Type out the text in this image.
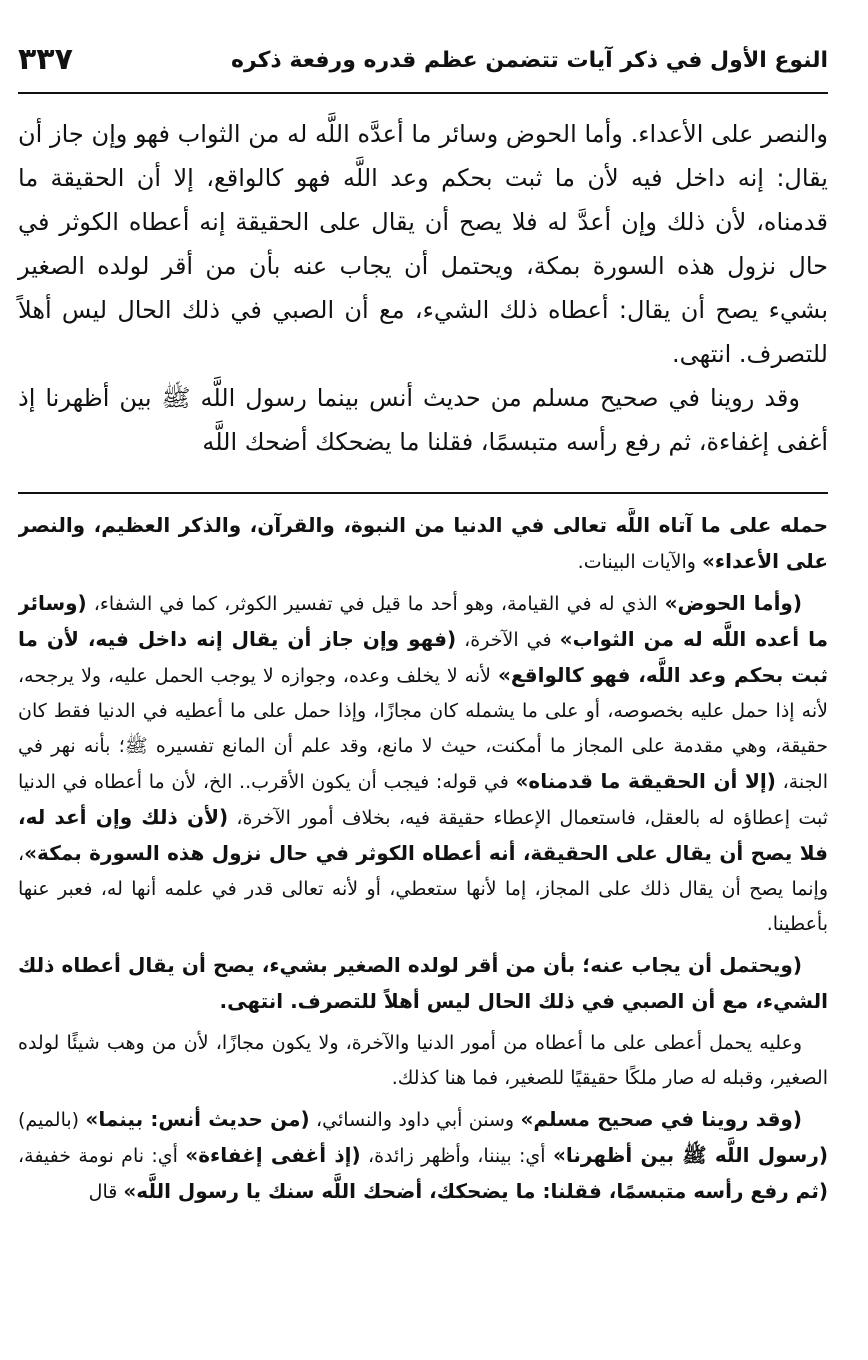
٣٣٧	النوع الأول في ذكر آيات تتضمن عظم قدره ورفعة ذكره

والنصر على الأعداء. وأما الحوض وسائر ما أعدَّه اللَّه له من الثواب فهو وإن جاز أن يقال: إنه داخل فيه لأن ما ثبت بحكم وعد اللَّه فهو كالواقع، إلا أن الحقيقة ما قدمناه، لأن ذلك وإن أعدَّ له فلا يصح أن يقال على الحقيقة إنه أعطاه الكوثر في حال نزول هذه السورة بمكة، ويحتمل أن يجاب عنه بأن من أقر لولده الصغير بشيء يصح أن يقال: أعطاه ذلك الشيء، مع أن الصبي في ذلك الحال ليس أهلاً للتصرف. انتهى.

وقد روينا في صحيح مسلم من حديث أنس بينما رسول اللَّه ﷺ بين أظهرنا إذ أغفى إغفاءة، ثم رفع رأسه متبسمًا، فقلنا ما يضحكك أضحك اللَّه

حمله على ما آتاه اللَّه تعالى في الدنيا من النبوة، والقرآن، والذكر العظيم، والنصر على الأعداء» والآيات البينات.

(وأما الحوض» الذي له في القيامة، وهو أحد ما قيل في تفسير الكوثر، كما في الشفاء، (وسائر ما أعده اللَّه له من الثواب» في الآخرة، (فهو وإن جاز أن يقال إنه داخل فيه، لأن ما ثبت بحكم وعد اللَّه، فهو كالواقع» لأنه لا يخلف وعده، وجوازه لا يوجب الحمل عليه، ولا يرجحه، لأنه إذا حمل عليه بخصوصه، أو على ما يشمله كان مجازًا، وإذا حمل على ما أعطيه في الدنيا فقط كان حقيقة، وهي مقدمة على المجاز ما أمكنت، حيث لا مانع، وقد علم أن المانع تفسيره ﷺ؛ بأنه نهر في الجنة، (إلا أن الحقيقة ما قدمناه» في قوله: فيجب أن يكون الأقرب.. الخ، لأن ما أعطاه في الدنيا ثبت إعطاؤه له بالعقل، فاستعمال الإعطاء حقيقة فيه، بخلاف أمور الآخرة، (لأن ذلك وإن أعد له، فلا يصح أن يقال على الحقيقة، أنه أعطاه الكوثر في حال نزول هذه السورة بمكة»، وإنما يصح أن يقال ذلك على المجاز، إما لأنها ستعطي، أو لأنه تعالى قدر في علمه أنها له، فعبر عنها بأعطينا.

(ويحتمل أن يجاب عنه؛ بأن من أقر لولده الصغير بشيء، يصح أن يقال أعطاه ذلك الشيء، مع أن الصبي في ذلك الحال ليس أهلاً للتصرف. انتهى.

وعليه يحمل أعطى على ما أعطاه من أمور الدنيا والآخرة، ولا يكون مجازًا، لأن من وهب شيئًا لولده الصغير، وقبله له صار ملكًا حقيقيًا للصغير، فما هنا كذلك.

(وقد روينا في صحيح مسلم» وسنن أبي داود والنسائي، (من حديث أنس: بينما» (بالميم) (رسول اللَّه ﷺ بين أظهرنا» أي: بيننا، وأظهر زائدة، (إذ أغفى إغفاءة» أي: نام نومة خفيفة، (ثم رفع رأسه متبسمًا، فقلنا: ما يضحكك، أضحك اللَّه سنك يا رسول اللَّه» قال
